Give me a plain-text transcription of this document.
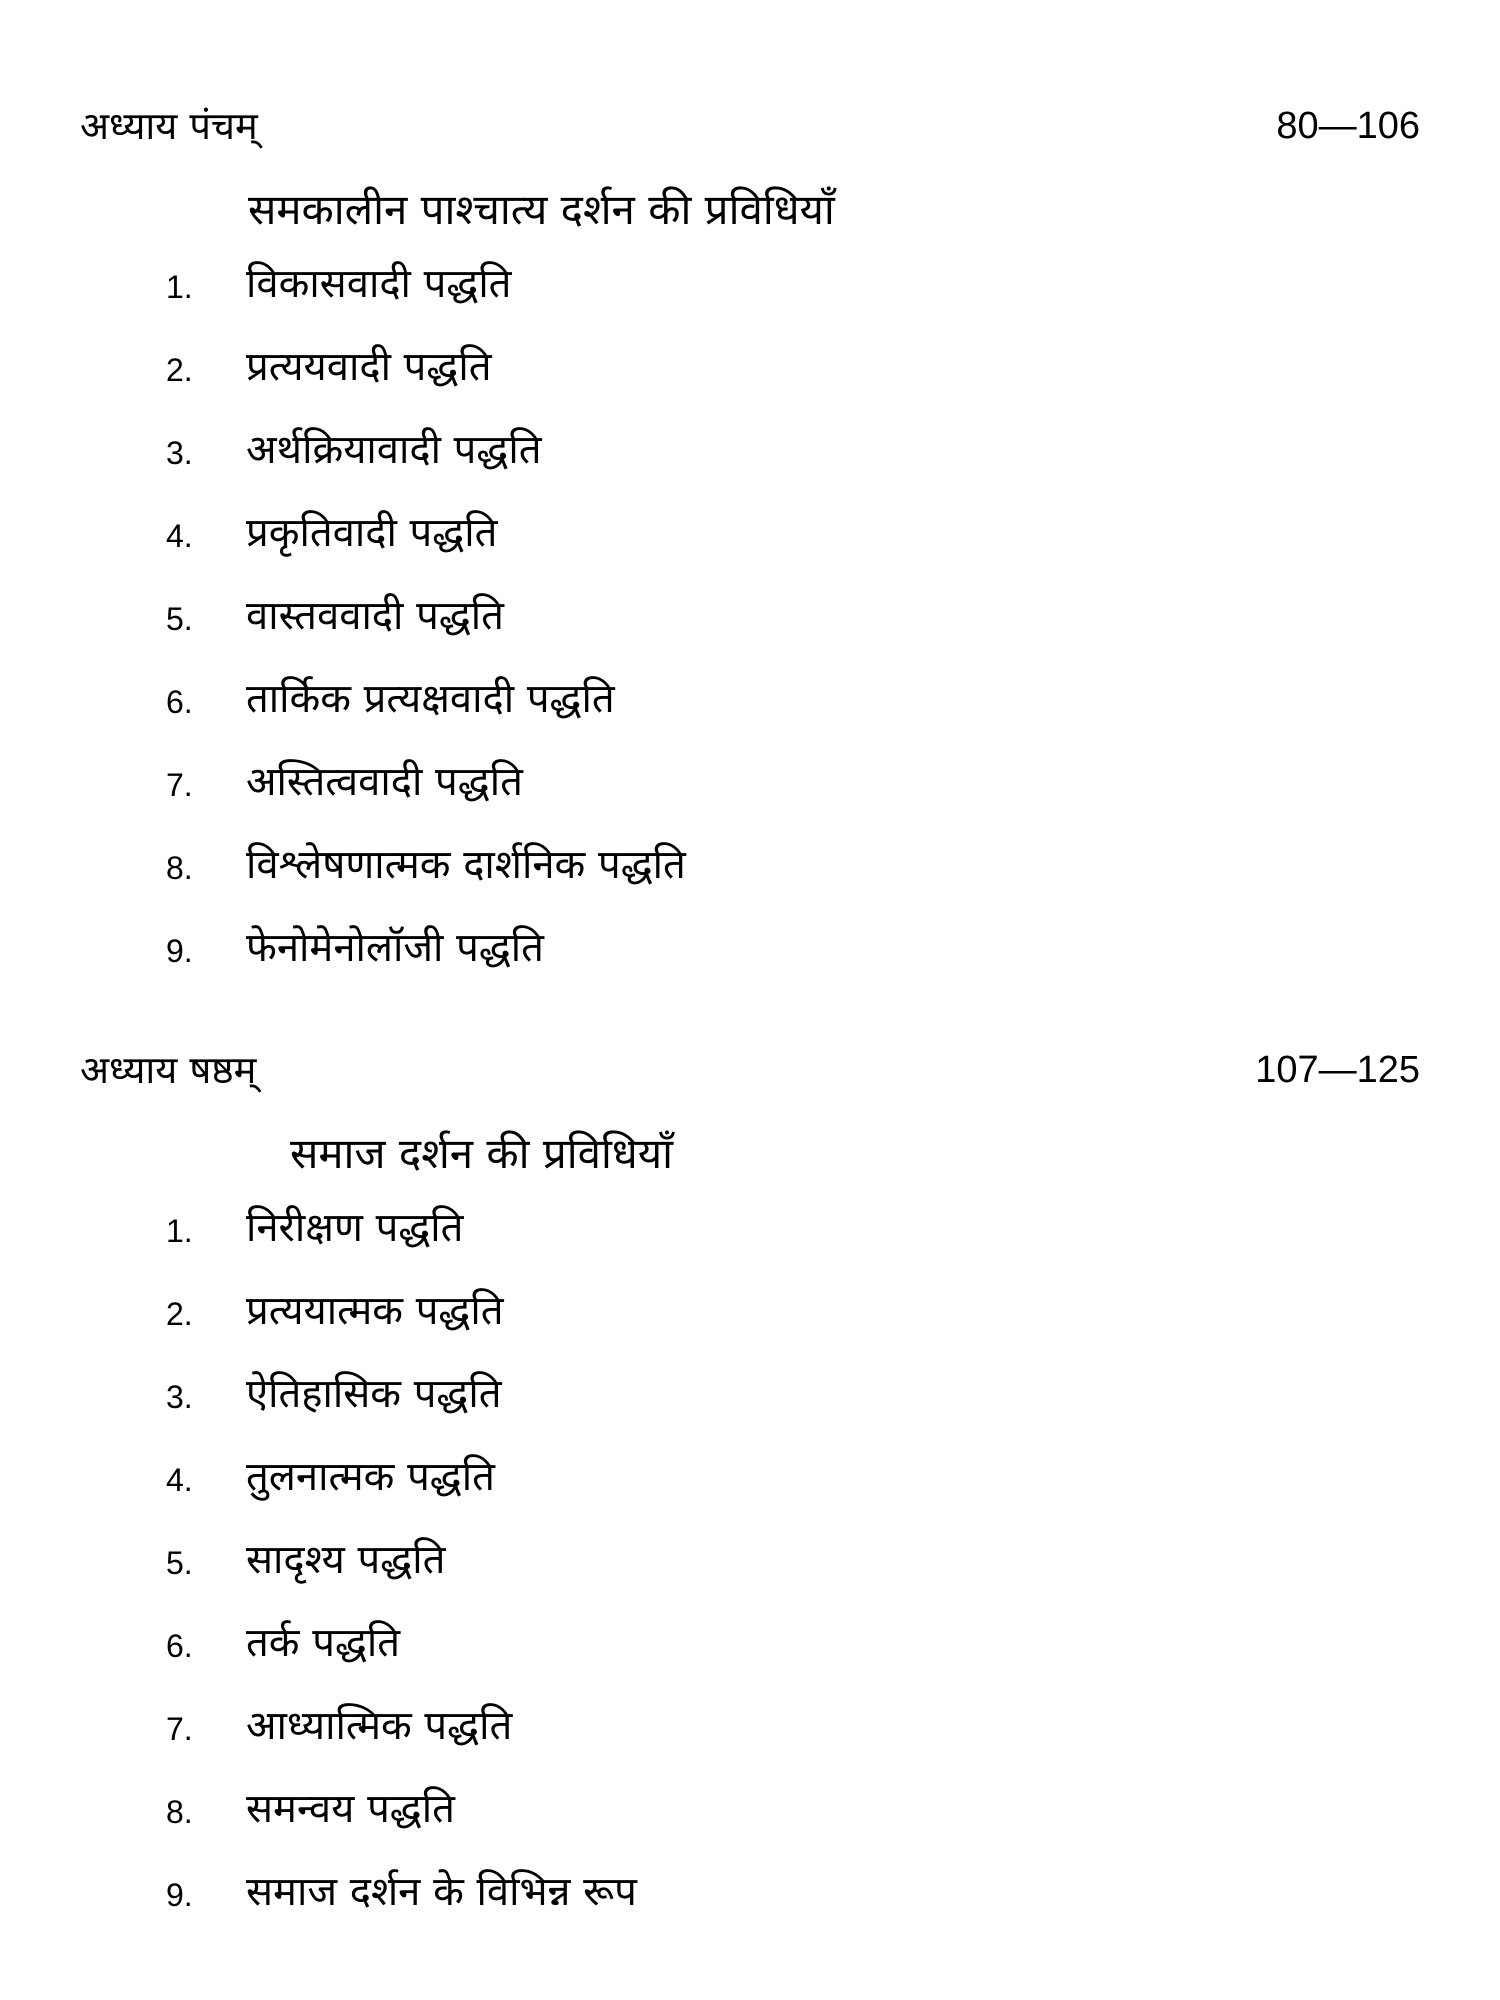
अध्याय पंचम्	80—106
समकालीन पाश्चात्य दर्शन की प्रविधियाँ
1.	विकासवादी पद्धति
2.	प्रत्ययवादी पद्धति
3.	अर्थक्रियावादी पद्धति
4.	प्रकृतिवादी पद्धति
5.	वास्तववादी पद्धति
6.	तार्किक प्रत्यक्षवादी पद्धति
7.	अस्तित्ववादी पद्धति
8.	विश्लेषणात्मक दार्शनिक पद्धति
9.	फेनोमेनोलॉजी पद्धति
अध्याय षष्ठम्	107—125
समाज दर्शन की प्रविधियाँ
1.	निरीक्षण पद्धति
2.	प्रत्ययात्मक पद्धति
3.	ऐतिहासिक पद्धति
4.	तुलनात्मक पद्धति
5.	सादृश्य पद्धति
6.	तर्क पद्धति
7.	आध्यात्मिक पद्धति
8.	समन्वय पद्धति
9.	समाज दर्शन के विभिन्न रूप
